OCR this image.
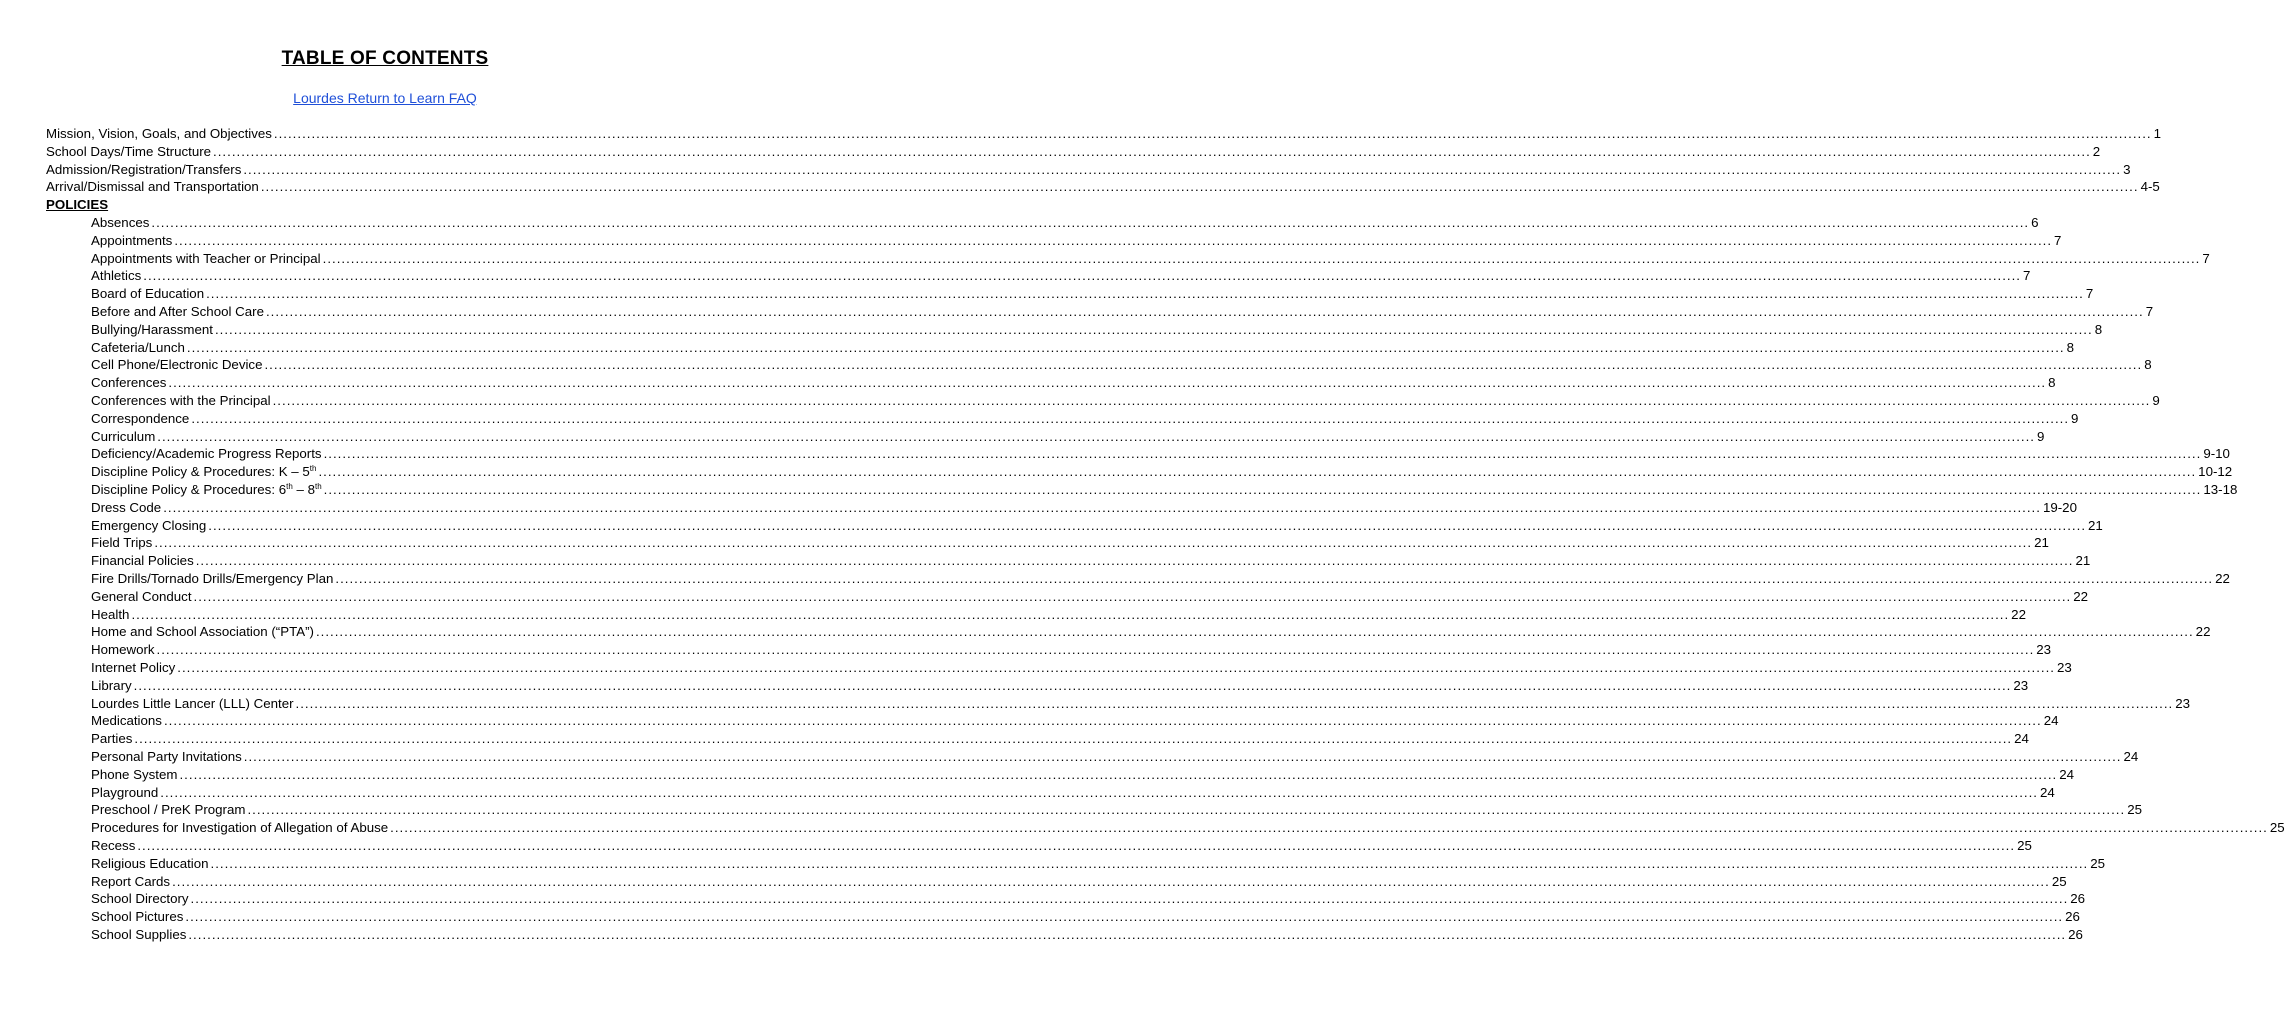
TABLE OF CONTENTS
Lourdes Return to Learn FAQ
Mission, Vision, Goals, and Objectives ................................................................................................................................................................................................................................................................................................................................................................................................................ 1
School Days/Time Structure ................................................................................................................................................................................................................................................................................................................................................................................................................ 2
Admission/Registration/Transfers ................................................................................................................................................................................................................................................................................................................................................................................................................ 3
Arrival/Dismissal and Transportation ................................................................................................................................................................................................................................................................................................................................................................................................................ 4-5
POLICIES
Absences ................................................................................................................................................................................................................................................................................................................................................................................................................ 6
Appointments ................................................................................................................................................................................................................................................................................................................................................................................................................ 7
Appointments with Teacher or Principal ................................................................................................................................................................................................................................................................................................................................................................................................................ 7
Athletics ................................................................................................................................................................................................................................................................................................................................................................................................................ 7
Board of Education ................................................................................................................................................................................................................................................................................................................................................................................................................ 7
Before and After School Care ................................................................................................................................................................................................................................................................................................................................................................................................................ 7
Bullying/Harassment ................................................................................................................................................................................................................................................................................................................................................................................................................ 8
Cafeteria/Lunch ................................................................................................................................................................................................................................................................................................................................................................................................................ 8
Cell Phone/Electronic Device ................................................................................................................................................................................................................................................................................................................................................................................................................ 8
Conferences ................................................................................................................................................................................................................................................................................................................................................................................................................ 8
Conferences with the Principal ................................................................................................................................................................................................................................................................................................................................................................................................................ 9
Correspondence ................................................................................................................................................................................................................................................................................................................................................................................................................ 9
Curriculum ................................................................................................................................................................................................................................................................................................................................................................................................................ 9
Deficiency/Academic Progress Reports ................................................................................................................................................................................................................................................................................................................................................................................................................ 9-10
Discipline Policy & Procedures: K – 5th ................................................................................................................................................................................................................................................................................................................................................................................................................ 10-12
Discipline Policy & Procedures: 6th – 8th ................................................................................................................................................................................................................................................................................................................................................................................................................ 13-18
Dress Code ................................................................................................................................................................................................................................................................................................................................................................................................................ 19-20
Emergency Closing ................................................................................................................................................................................................................................................................................................................................................................................................................ 21
Field Trips ................................................................................................................................................................................................................................................................................................................................................................................................................ 21
Financial Policies ................................................................................................................................................................................................................................................................................................................................................................................................................ 21
Fire Drills/Tornado Drills/Emergency Plan ................................................................................................................................................................................................................................................................................................................................................................................................................ 22
General Conduct ................................................................................................................................................................................................................................................................................................................................................................................................................ 22
Health ................................................................................................................................................................................................................................................................................................................................................................................................................ 22
Home and School Association (“PTA”) ................................................................................................................................................................................................................................................................................................................................................................................................................ 22
Homework ................................................................................................................................................................................................................................................................................................................................................................................................................ 23
Internet Policy ................................................................................................................................................................................................................................................................................................................................................................................................................ 23
Library ................................................................................................................................................................................................................................................................................................................................................................................................................ 23
Lourdes Little Lancer (LLL) Center ................................................................................................................................................................................................................................................................................................................................................................................................................ 23
Medications ................................................................................................................................................................................................................................................................................................................................................................................................................ 24
Parties ................................................................................................................................................................................................................................................................................................................................................................................................................ 24
Personal Party Invitations ................................................................................................................................................................................................................................................................................................................................................................................................................ 24
Phone System ................................................................................................................................................................................................................................................................................................................................................................................................................ 24
Playground ................................................................................................................................................................................................................................................................................................................................................................................................................ 24
Preschool / PreK Program ................................................................................................................................................................................................................................................................................................................................................................................................................ 25
Procedures for Investigation of Allegation of Abuse ................................................................................................................................................................................................................................................................................................................................................................................................................ 25
Recess ................................................................................................................................................................................................................................................................................................................................................................................................................ 25
Religious Education ................................................................................................................................................................................................................................................................................................................................................................................................................ 25
Report Cards ................................................................................................................................................................................................................................................................................................................................................................................................................ 25
School Directory ................................................................................................................................................................................................................................................................................................................................................................................................................ 26
School Pictures ................................................................................................................................................................................................................................................................................................................................................................................................................ 26
School Supplies ................................................................................................................................................................................................................................................................................................................................................................................................................ 26
